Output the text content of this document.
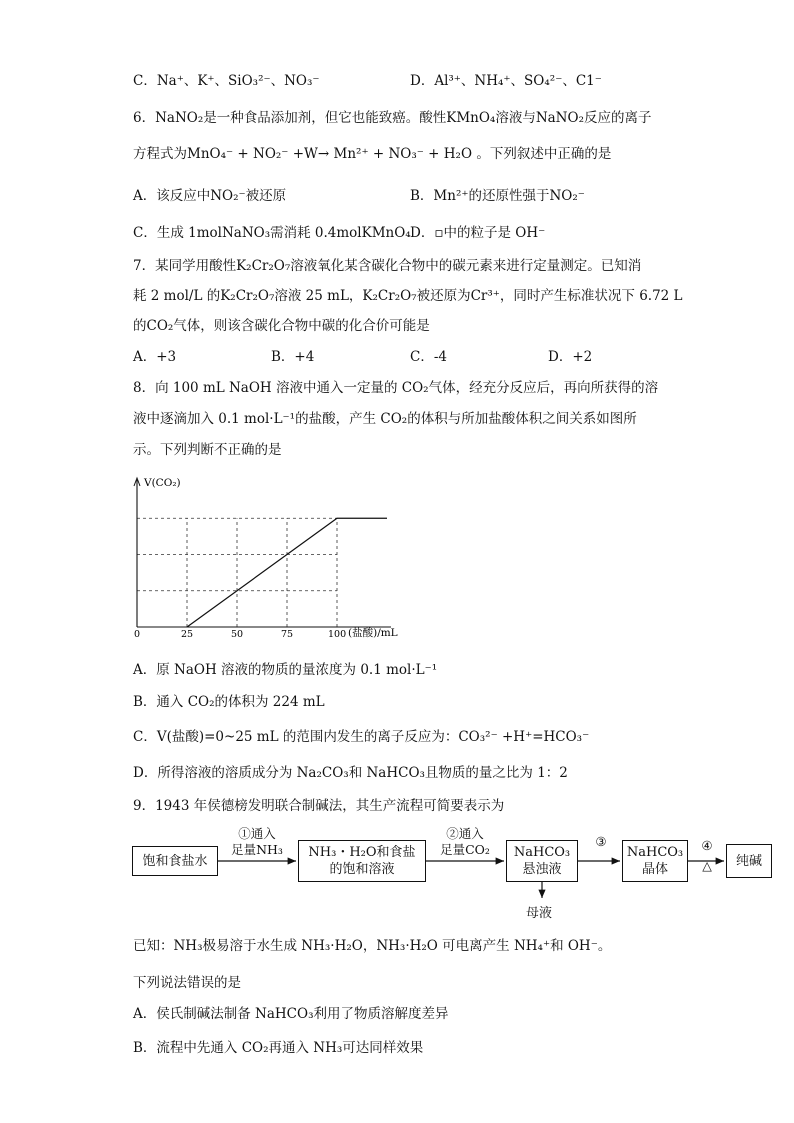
C．Na⁺、K⁺、SiO₃²⁻、NO₃⁻	D．Al³⁺、NH₄⁺、SO₄²⁻、C1⁻
6．NaNO₂是一种食品添加剂，但它也能致癌。酸性KMnO₄溶液与NaNO₂反应的离子
方程式为MnO₄⁻ + NO₂⁻ +W→ Mn²⁺ + NO₃⁻ + H₂O 。下列叙述中正确的是
A．该反应中NO₂⁻被还原	B．Mn²⁺的还原性强于NO₂⁻
C．生成 1molNaNO₃需消耗 0.4molKMnO₄ D．▫中的粒子是 OH⁻
7．某同学用酸性K₂Cr₂O₇溶液氧化某含碳化合物中的碳元素来进行定量测定。已知消
耗 2 mol/L 的K₂Cr₂O₇溶液 25 mL，K₂Cr₂O₇被还原为Cr³⁺，同时产生标准状况下 6.72 L
的CO₂气体，则该含碳化合物中碳的化合价可能是
A．+3	B．+4	C．-4	D．+2
8．向 100 mL NaOH 溶液中通入一定量的 CO₂气体，经充分反应后，再向所获得的溶
液中逐滴加入 0.1 mol·L⁻¹的盐酸，产生 CO₂的体积与所加盐酸体积之间关系如图所
示。下列判断不正确的是
0	25	50	75	100
V(CO₂)
(盐酸)/mL
A．原 NaOH 溶液的物质的量浓度为 0.1 mol·L⁻¹
B．通入 CO₂的体积为 224 mL
C．V(盐酸)=0~25 mL 的范围内发生的离子反应为：CO₃²⁻ +H⁺=HCO₃⁻
D．所得溶液的溶质成分为 Na₂CO₃和 NaHCO₃且物质的量之比为 1：2
9．1943 年侯德榜发明联合制碱法，其生产流程可简要表示为
饱和食盐水
①通入
足量NH₃	NH₃・H₂O和食盐
的饱和溶液
②通入
足量CO₂	NaHCO₃
悬浊液
③
NaHCO₃
晶体
④
△	纯碱
母液
已知：NH₃极易溶于水生成 NH₃·H₂O，NH₃·H₂O 可电离产生 NH₄⁺和 OH⁻。
下列说法错误的是
A．侯氏制碱法制备 NaHCO₃利用了物质溶解度差异
B．流程中先通入 CO₂再通入 NH₃可达同样效果
